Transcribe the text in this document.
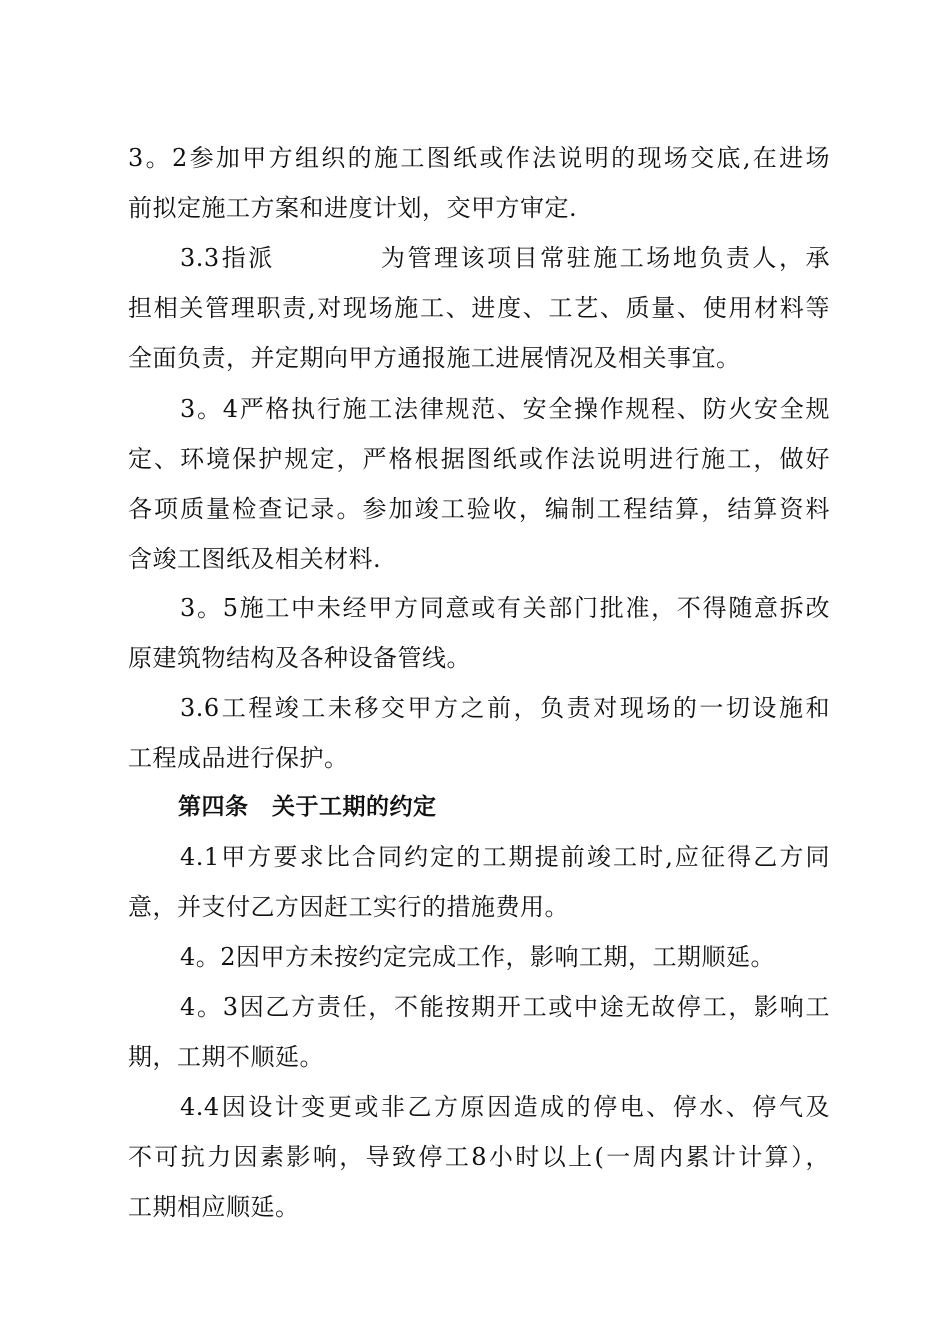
3。2参加甲方组织的施工图纸或作法说明的现场交底,在进场
前拟定施工方案和进度计划，交甲方审定.

3.3指派　　　　为管理该项目常驻施工场地负责人，承
担相关管理职责,对现场施工、进度、工艺、质量、使用材料等
全面负责，并定期向甲方通报施工进展情况及相关事宜。

3。4严格执行施工法律规范、安全操作规程、防火安全规
定、环境保护规定，严格根据图纸或作法说明进行施工，做好
各项质量检查记录。参加竣工验收，编制工程结算，结算资料
含竣工图纸及相关材料.

3。5施工中未经甲方同意或有关部门批准，不得随意拆改
原建筑物结构及各种设备管线。

3.6工程竣工未移交甲方之前，负责对现场的一切设施和
工程成品进行保护。

第四条　关于工期的约定

4.1甲方要求比合同约定的工期提前竣工时,应征得乙方同
意，并支付乙方因赶工实行的措施费用。

4。2因甲方未按约定完成工作，影响工期，工期顺延。

4。3因乙方责任，不能按期开工或中途无故停工，影响工
期，工期不顺延。

4.4因设计变更或非乙方原因造成的停电、停水、停气及
不可抗力因素影响，导致停工8小时以上(一周内累计计算），
工期相应顺延。
